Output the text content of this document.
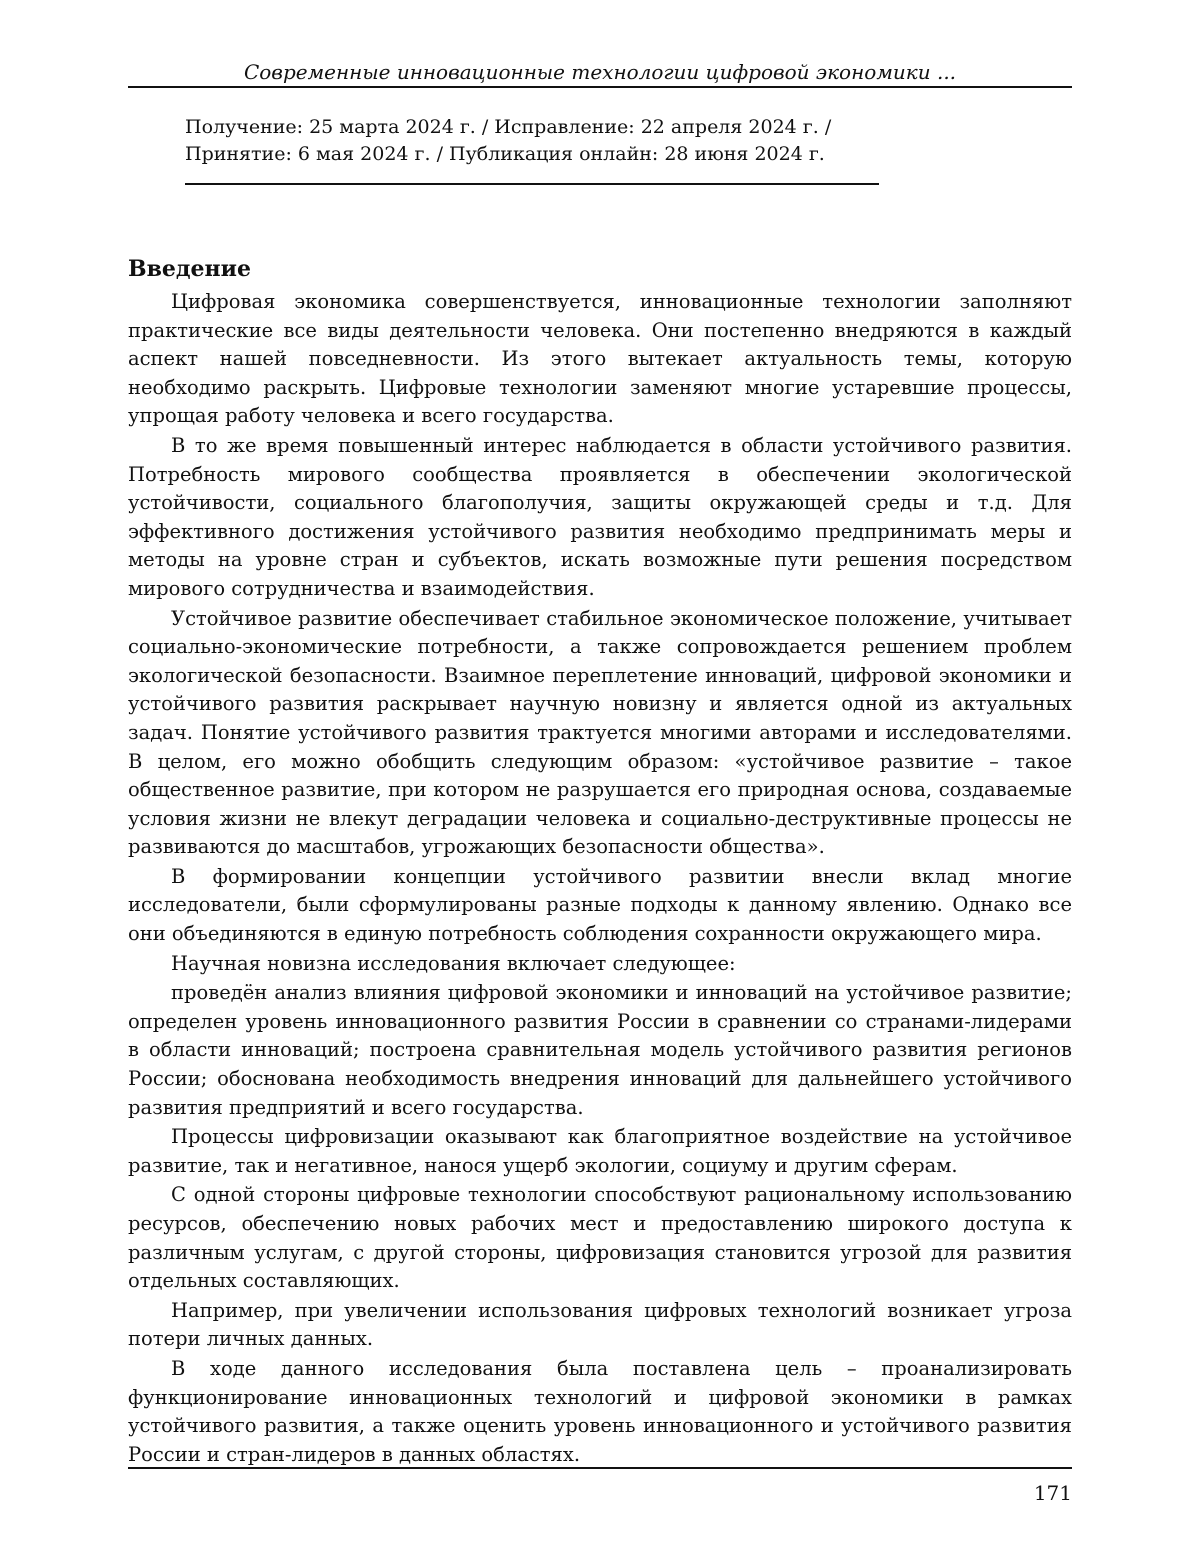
Современные инновационные технологии цифровой экономики ...
Получение: 25 марта 2024 г. / Исправление: 22 апреля 2024 г. /
Принятие: 6 мая 2024 г. / Публикация онлайн: 28 июня 2024 г.
Введение

Цифровая экономика совершенствуется, инновационные технологии заполняют практические все виды деятельности человека. Они постепенно внедряются в каждый аспект нашей повседневности. Из этого вытекает актуальность темы, которую необходимо раскрыть. Цифровые технологии заменяют многие устаревшие процессы, упрощая работу человека и всего государства.

В то же время повышенный интерес наблюдается в области устойчивого развития. Потребность мирового сообщества проявляется в обеспечении экологической устойчивости, социального благополучия, защиты окружающей среды и т.д. Для эффективного достижения устойчивого развития необходимо предпринимать меры и методы на уровне стран и субъектов, искать возможные пути решения посредством мирового сотрудничества и взаимодействия.

Устойчивое развитие обеспечивает стабильное экономическое положение, учитывает социально-экономические потребности, а также сопровождается решением проблем экологической безопасности. Взаимное переплетение инноваций, цифровой экономики и устойчивого развития раскрывает научную новизну и является одной из актуальных задач. Понятие устойчивого развития трактуется многими авторами и исследователями. В целом, его можно обобщить следующим образом: «устойчивое развитие – такое общественное развитие, при котором не разрушается его природная основа, создаваемые условия жизни не влекут деградации человека и социально-деструктивные процессы не развиваются до масштабов, угрожающих безопасности общества».

В формировании концепции устойчивого развитии внесли вклад многие исследователи, были сформулированы разные подходы к данному явлению. Однако все они объединяются в единую потребность соблюдения сохранности окружающего мира.

Научная новизна исследования включает следующее:

проведён анализ влияния цифровой экономики и инноваций на устойчивое развитие; определен уровень инновационного развития России в сравнении со странами-лидерами в области инноваций; построена сравнительная модель устойчивого развития регионов России; обоснована необходимость внедрения инноваций для дальнейшего устойчивого развития предприятий и всего государства.

Процессы цифровизации оказывают как благоприятное воздействие на устойчивое развитие, так и негативное, нанося ущерб экологии, социуму и другим сферам.

С одной стороны цифровые технологии способствуют рациональному использованию ресурсов, обеспечению новых рабочих мест и предоставлению широкого доступа к различным услугам, с другой стороны, цифровизация становится угрозой для развития отдельных составляющих.

Например, при увеличении использования цифровых технологий возникает угроза потери личных данных.

В ходе данного исследования была поставлена цель – проанализировать функционирование инновационных технологий и цифровой экономики в рамках устойчивого развития, а также оценить уровень инновационного и устойчивого развития России и стран-лидеров в данных областях.

171
